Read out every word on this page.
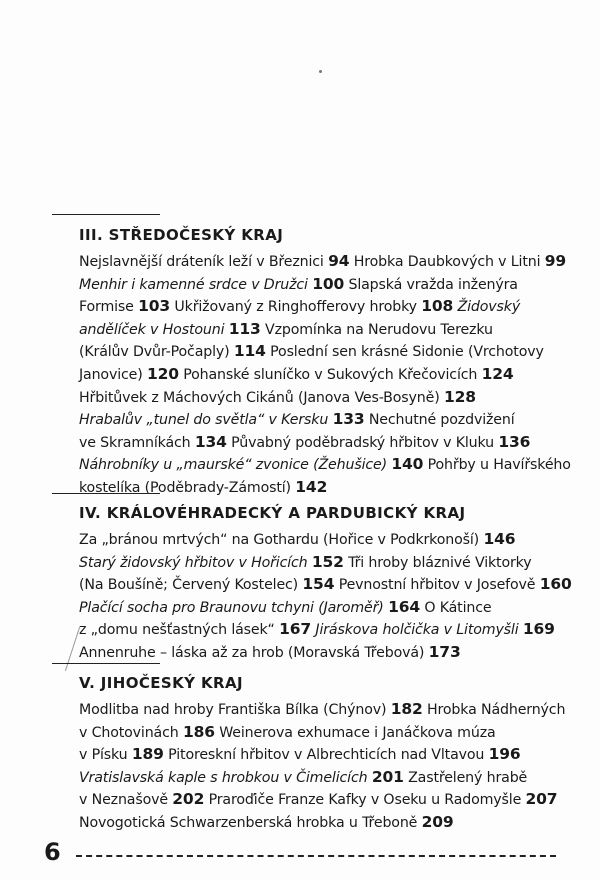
III. STŘEDOČESKÝ KRAJ
Nejslavnější dráteník leží v Březnici 94 Hrobka Daubkových v Litni 99
Menhir i kamenné srdce v Družci 100 Slapská vražda inženýra
Formise 103 Ukřižovaný z Ringhofferovy hrobky 108 Židovský
andělíček v Hostouni 113 Vzpomínka na Nerudovu Terezku
(Králův Dvůr-Počaply) 114 Poslední sen krásné Sidonie (Vrchotovy
Janovice) 120 Pohanské sluníčko v Sukových Křečovicích 124
Hřbitůvek z Máchových Cikánů (Janova Ves-Bosyně) 128
Hrabalův „tunel do světla“ v Kersku 133 Nechutné pozdvižení
ve Skramníkách 134 Půvabný poděbradský hřbitov v Kluku 136
Náhrobníky u „maurské“ zvonice (Žehušice) 140 Pohřby u Havířského
kostelíka (Poděbrady-Zámostí) 142
IV. KRÁLOVÉHRADECKÝ A PARDUBICKÝ KRAJ
Za „bránou mrtvých“ na Gothardu (Hořice v Podkrkonoší) 146
Starý židovský hřbitov v Hořicích 152 Tři hroby bláznivé Viktorky
(Na Boušíně; Červený Kostelec) 154 Pevnostní hřbitov v Josefově 160
Plačící socha pro Braunovu tchyni (Jaroměř) 164 O Kátince
z „domu nešťastných lásek“ 167 Jiráskova holčička v Litomyšli 169
Annenruhe – láska až za hrob (Moravská Třebová) 173
V. JIHOČESKÝ KRAJ
Modlitba nad hroby Františka Bílka (Chýnov) 182 Hrobka Nádherných
v Chotovinách 186 Weinerova exhumace i Janáčkova múza
v Písku 189 Pitoreskní hřbitov v Albrechticích nad Vltavou 196
Vratislavská kaple s hrobkou v Čimelicích 201 Zastřelený hrabě
v Neznašově 202 Praroďiče Franze Kafky v Oseku u Radomyšle 207
Novogotická Schwarzenberská hrobka u Třeboně 209
6
